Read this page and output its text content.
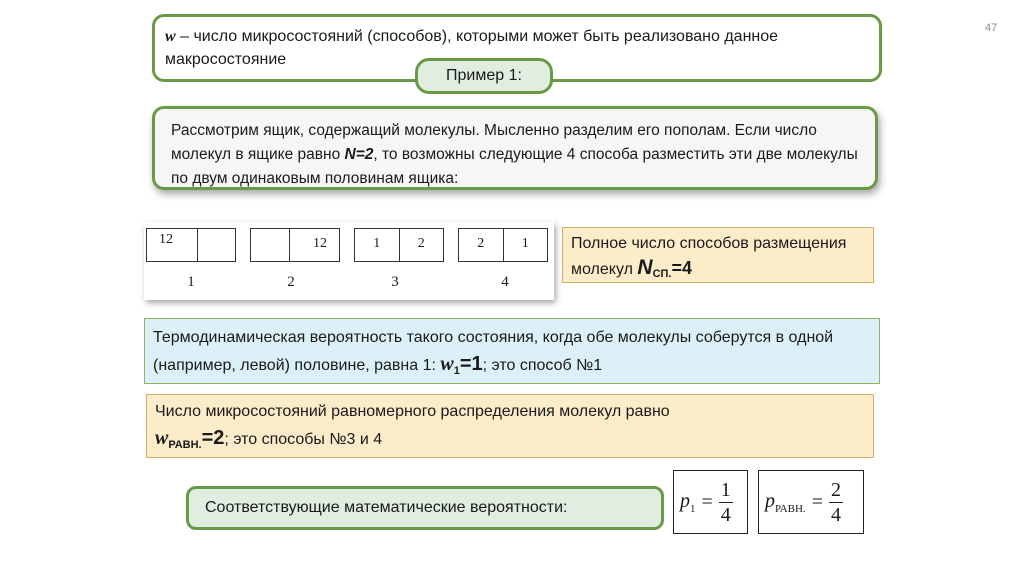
47
w – число микросостояний (способов), которыми может быть реализовано данное макросостояние
Пример 1:
Рассмотрим ящик, содержащий молекулы. Мысленно разделим его пополам. Если число молекул в ящике равно N=2, то возможны следующие 4 способа разместить эти две молекулы по двум одинаковым половинам ящика:
12
1
12
2
1	2
3
2	1
4
Полное число способов размещения молекул $N_{СП.}=4$
Термодинамическая вероятность такого состояния, когда обе молекулы соберутся в одной (например, левой) половине, равна 1: $w_1=1$; это способ №1
Число микросостояний равномерного распределения молекул равно
$w_{РАВН.}=2$; это способы №3 и 4
Соответствующие математические вероятности:	$p_1 = \frac{1}{4} p_{РАВН.} = \frac{2}{4}$
